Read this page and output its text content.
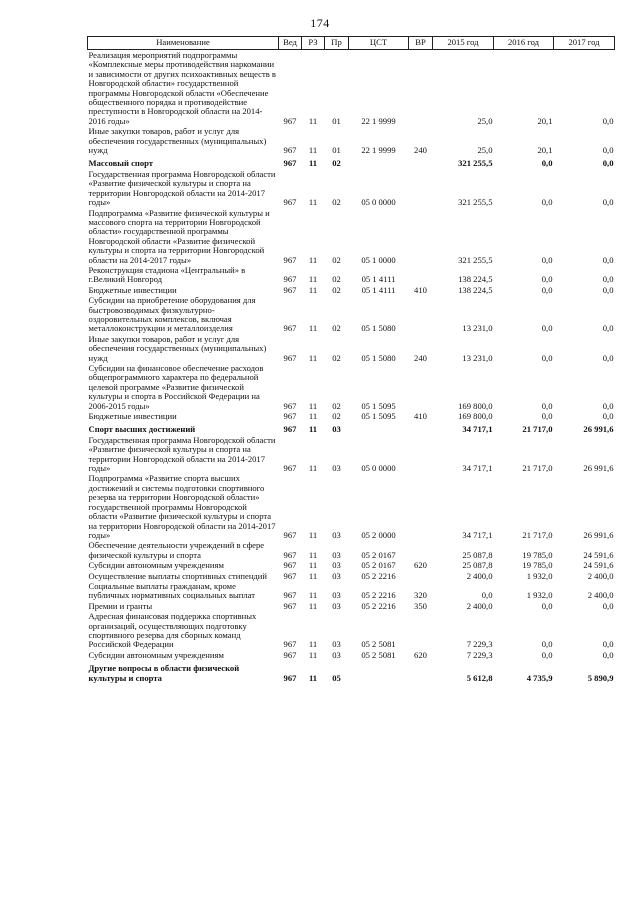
174
Наименование	Вед	РЗ	Пр	ЦСТ	ВР	2015 год	2016 год	2017 год
Реализация мероприятий подпрограммы «Комплексные меры противодействия наркомании и зависимости от других психоактивных веществ в Новгородской области» государственной программы Новгородской области «Обеспечение общественного порядка и противодействие преступности в Новгородской области на 2014-2016 годы»	967	11	01	22 1 9999		25,0	20,1	0,0
Иные закупки товаров, работ и услуг для обеспечения государственных (муниципальных) нужд	967	11	01	22 1 9999	240	25,0	20,1	0,0
Массовый спорт	967	11	02			321 255,5	0,0	0,0
Государственная программа Новгородской области «Развитие физической культуры и спорта на территории Новгородской области на 2014-2017 годы»	967	11	02	05 0 0000		321 255,5	0,0	0,0
Подпрограмма «Развитие физической культуры и массового спорта на территории Новгородской области» государственной программы Новгородской области «Развитие физической культуры и спорта на территории Новгородской области на 2014-2017 годы»	967	11	02	05 1 0000		321 255,5	0,0	0,0
Реконструкция стадиона «Центральный» в г.Великий Новгород	967	11	02	05 1 4111		138 224,5	0,0	0,0
Бюджетные инвестиции	967	11	02	05 1 4111	410	138 224,5	0,0	0,0
Субсидии на приобретение оборудования для быстровозводимых физкультурно-оздоровительных комплексов, включая металлоконструкции и металлоизделия	967	11	02	05 1 5080		13 231,0	0,0	0,0
Иные закупки товаров, работ и услуг для обеспечения государственных (муниципальных) нужд	967	11	02	05 1 5080	240	13 231,0	0,0	0,0
Субсидии на финансовое обеспечение расходов общепрограммного характера по федеральной целевой программе «Развитие физической культуры и спорта в Российской Федерации на 2006-2015 годы»	967	11	02	05 1 5095		169 800,0	0,0	0,0
Бюджетные инвестиции	967	11	02	05 1 5095	410	169 800,0	0,0	0,0
Спорт высших достижений	967	11	03			34 717,1	21 717,0	26 991,6
Государственная программа Новгородской области «Развитие физической культуры и спорта на территории Новгородской области на 2014-2017 годы»	967	11	03	05 0 0000		34 717,1	21 717,0	26 991,6
Подпрограмма «Развитие спорта высших достижений и системы подготовки спортивного резерва на территории Новгородской области» государственной программы Новгородской области «Развитие физической культуры и спорта на территории Новгородской области на 2014-2017 годы»	967	11	03	05 2 0000		34 717,1	21 717,0	26 991,6
Обеспечение деятельности учреждений в сфере физической культуры и спорта	967	11	03	05 2 0167		25 087,8	19 785,0	24 591,6
Субсидии автономным учреждениям	967	11	03	05 2 0167	620	25 087,8	19 785,0	24 591,6
Осуществление выплаты спортивных стипендий	967	11	03	05 2 2216		2 400,0	1 932,0	2 400,0
Социальные выплаты гражданам, кроме публичных нормативных социальных выплат	967	11	03	05 2 2216	320	0,0	1 932,0	2 400,0
Премии и гранты	967	11	03	05 2 2216	350	2 400,0	0,0	0,0
Адресная финансовая поддержка спортивных организаций, осуществляющих подготовку спортивного резерва для сборных команд Российской Федерации	967	11	03	05 2 5081		7 229,3	0,0	0,0
Субсидии автономным учреждениям	967	11	03	05 2 5081	620	7 229,3	0,0	0,0
Другие вопросы в области физической культуры и спорта	967	11	05			5 612,8	4 735,9	5 890,9
